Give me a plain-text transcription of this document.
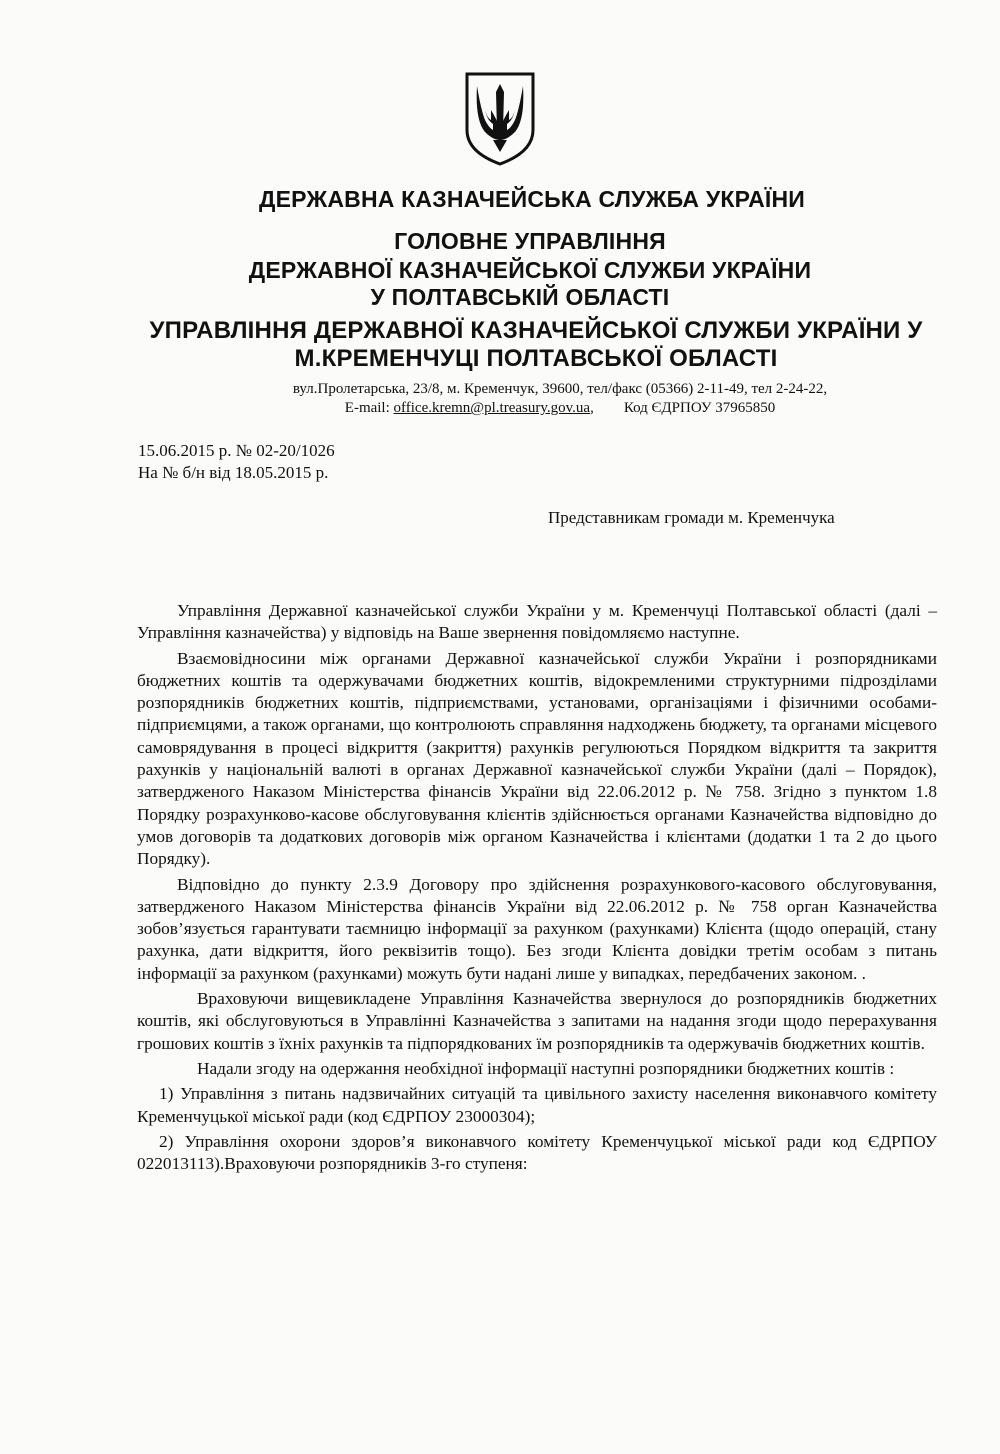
ДЕРЖАВНА КАЗНАЧЕЙСЬКА СЛУЖБА УКРАЇНИ
ГОЛОВНЕ УПРАВЛІННЯ
ДЕРЖАВНОЇ КАЗНАЧЕЙСЬКОЇ СЛУЖБИ УКРАЇНИ
У ПОЛТАВСЬКІЙ ОБЛАСТІ
УПРАВЛІННЯ ДЕРЖАВНОЇ КАЗНАЧЕЙСЬКОЇ СЛУЖБИ УКРАЇНИ У
М.КРЕМЕНЧУЦІ ПОЛТАВСЬКОЇ ОБЛАСТІ
вул.Пролетарська, 23/8, м. Кременчук, 39600, тел/факс (05366) 2-11-49, тел 2-24-22,
E-mail: office.kremn@pl.treasury.gov.ua, Код ЄДРПОУ 37965850
15.06.2015 р. № 02-20/1026
На № б/н від 18.05.2015 р.
Представникам громади м. Кременчука

Управління Державної казначейської служби України у м. Кременчуці Полтавської області (далі – Управління казначейства) у відповідь на Ваше звернення повідомляємо наступне.

Взаємовідносини між органами Державної казначейської служби України і розпорядниками бюджетних коштів та одержувачами бюджетних коштів, відокремленими структурними підрозділами розпорядників бюджетних коштів, підприємствами, установами, організаціями і фізичними особами-підприємцями, а також органами, що контролюють справляння надходжень бюджету, та органами місцевого самоврядування в процесі відкриття (закриття) рахунків регулюються Порядком відкриття та закриття рахунків у національній валюті в органах Державної казначейської служби України (далі – Порядок), затвердженого Наказом Міністерства фінансів України від 22.06.2012 р. № 758. Згідно з пунктом 1.8 Порядку розрахунково-касове обслуговування клієнтів здійснюється органами Казначейства відповідно до умов договорів та додаткових договорів між органом Казначейства і клієнтами (додатки 1 та 2 до цього Порядку).

Відповідно до пункту 2.3.9 Договору про здійснення розрахункового-касового обслуговування, затвердженого Наказом Міністерства фінансів України від 22.06.2012 р. № 758 орган Казначейства зобов’язується гарантувати таємницю інформації за рахунком (рахунками) Клієнта (щодо операцій, стану рахунка, дати відкриття, його реквізитів тощо). Без згоди Клієнта довідки третім особам з питань інформації за рахунком (рахунками) можуть бути надані лише у випадках, передбачених законом. .

Враховуючи вищевикладене Управління Казначейства звернулося до розпорядників бюджетних коштів, які обслуговуються в Управлінні Казначейства з запитами на надання згоди щодо перерахування грошових коштів з їхніх рахунків та підпорядкованих їм розпорядників та одержувачів бюджетних коштів.

Надали згоду на одержання необхідної інформації наступні розпорядники бюджетних коштів :

1) Управління з питань надзвичайних ситуацій та цивільного захисту населення виконавчого комітету Кременчуцької міської ради (код ЄДРПОУ 23000304);

2) Управління охорони здоров’я виконавчого комітету Кременчуцької міської ради код ЄДРПОУ 022013113).Враховуючи розпорядників 3-го ступеня:
